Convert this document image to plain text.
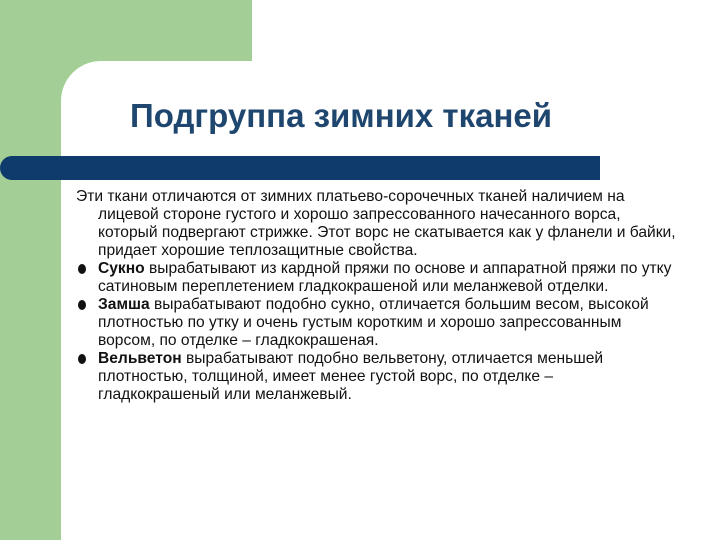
Подгруппа зимних тканей

Эти ткани отличаются от зимних платьево-сорочечных тканей наличием на лицевой стороне густого и хорошо запрессованного начесанного ворса, который подвергают стрижке. Этот ворс не скатывается как у фланели и байки, придает хорошие теплозащитные свойства.

Сукно вырабатывают из кардной пряжи по основе и аппаратной пряжи по утку сатиновым переплетением гладкокрашеной или меланжевой отделки.

Замша вырабатывают подобно сукно, отличается большим весом, высокой плотностью по утку и очень густым коротким и хорошо запрессованным ворсом, по отделке – гладкокрашеная.

Вельветон вырабатывают подобно вельветону, отличается меньшей плотностью, толщиной, имеет менее густой ворс, по отделке – гладкокрашеный или меланжевый.
